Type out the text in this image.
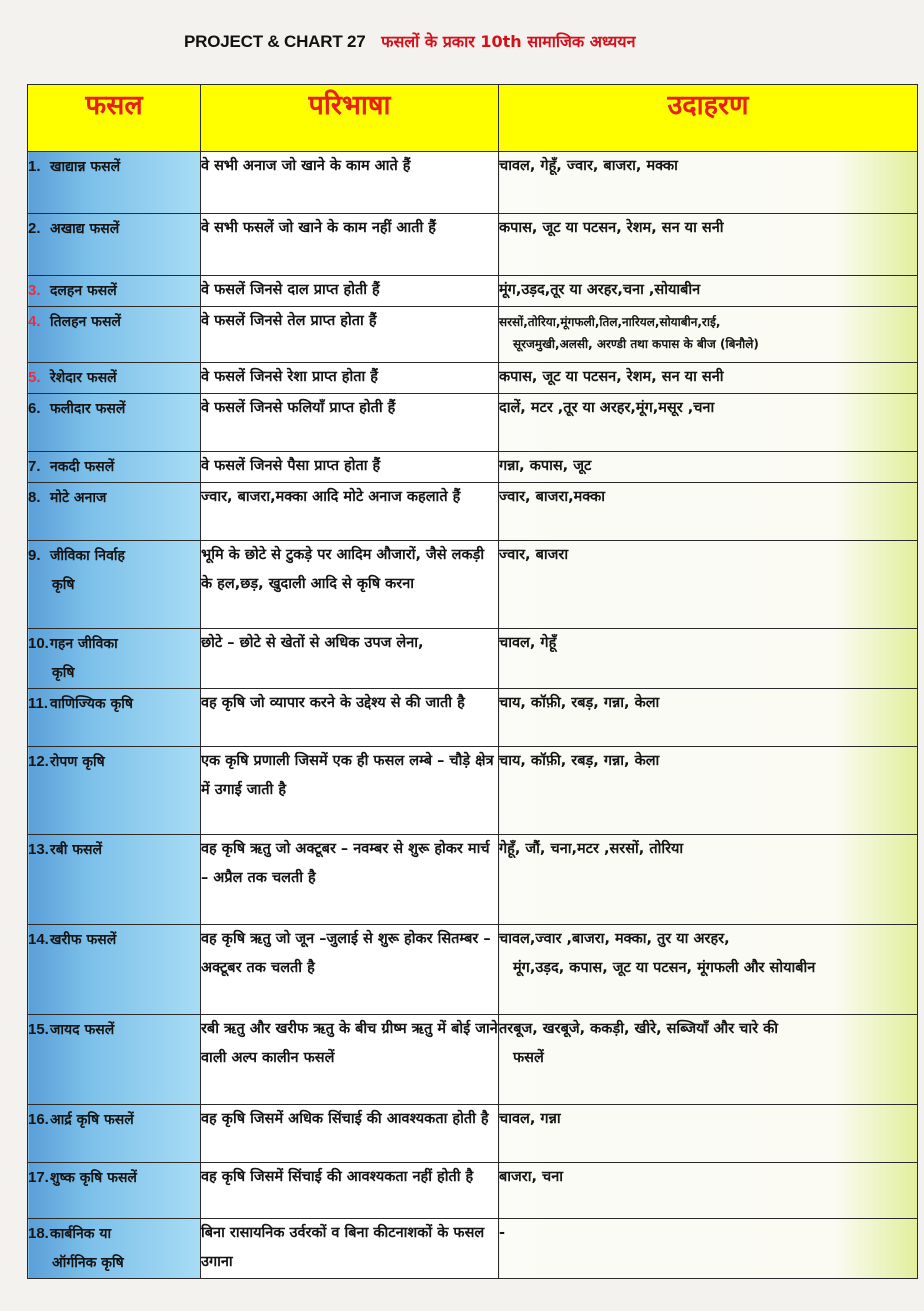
PROJECT & CHART 27 फसलों के प्रकार 10th सामाजिक अध्ययन
फसल	परिभाषा	उदाहरण
1. खाद्यान्न फसलें	वे सभी अनाज जो खाने के काम आते हैं	चावल, गेहूँ, ज्वार, बाजरा, मक्का
2. अखाद्य फसलें	वे सभी फसलें जो खाने के काम नहीं आती हैं	कपास, जूट या पटसन, रेशम, सन या सनी
3. दलहन फसलें	वे फसलें जिनसे दाल प्राप्त होती हैं	मूंग,उड़द,तूर या अरहर,चना ,सोयाबीन
4. तिलहन फसलें	वे फसलें जिनसे तेल प्राप्त होता हैं	सरसों,तोरिया,मूंगफली,तिल,नारियल,सोयाबीन,राई,
सूरजमुखी,अलसी, अरण्डी तथा कपास के बीज (बिनौले)

5. रेशेदार फसलें	वे फसलें जिनसे रेशा प्राप्त होता हैं	कपास, जूट या पटसन, रेशम, सन या सनी
6. फलीदार फसलें	वे फसलें जिनसे फलियाँ प्राप्त होती हैं	दालें, मटर ,तूर या अरहर,मूंग,मसूर ,चना
7. नकदी फसलें	वे फसलें जिनसे पैसा प्राप्त होता हैं	गन्ना, कपास, जूट
8. मोटे अनाज	ज्वार, बाजरा,मक्का आदि मोटे अनाज कहलाते हैं	ज्वार, बाजरा,मक्का
9. जीविका निर्वाह
कृषि	भूमि के छोटे से टुकड़े पर आदिम औजारों, जैसे लकड़ी के हल,छड़, खुदाली आदि से कृषि करना	ज्वार, बाजरा
10.गहन जीविका
कृषि	छोटे – छोटे से खेतों से अधिक उपज लेना,	चावल, गेहूँ
11. वाणिज्यिक कृषि	वह कृषि जो व्यापार करने के उद्देश्य से की जाती है	चाय, कॉफ़ी, रबड़, गन्ना, केला
12.रोपण कृषि	एक कृषि प्रणाली जिसमें एक ही फसल लम्बे – चौड़े क्षेत्र में उगाई जाती है	चाय, कॉफ़ी, रबड़, गन्ना, केला
13.रबी फसलें	वह कृषि ऋतु जो अक्टूबर – नवम्बर से शुरू होकर मार्च – अप्रैल तक चलती है	गेहूँ, जौं, चना,मटर ,सरसों, तोरिया
14.खरीफ फसलें	वह कृषि ऋतु जो जून –जुलाई से शुरू होकर सितम्बर – अक्टूबर तक चलती है	चावल,ज्वार ,बाजरा, मक्का, तुर या अरहर,
मूंग,उड़द, कपास, जूट या पटसन, मूंगफली और सोयाबीन

15.जायद फसलें	रबी ऋतु और खरीफ ऋतु के बीच ग्रीष्म ऋतु में बोई जाने वाली अल्प कालीन फसलें	तरबूज, खरबूजे, ककड़ी, खीरे, सब्जियाँ और चारे की
फसलें

16.आर्द्र कृषि फसलें	वह कृषि जिसमें अधिक सिंचाई की आवश्यकता होती है	चावल, गन्ना
17.शुष्क कृषि फसलें	वह कृषि जिसमें सिंचाई की आवश्यकता नहीं होती है	बाजरा, चना
18.कार्बनिक या
ऑर्गनिक कृषि	बिना रासायनिक उर्वरकों व बिना कीटनाशकों के फसल उगाना	-
